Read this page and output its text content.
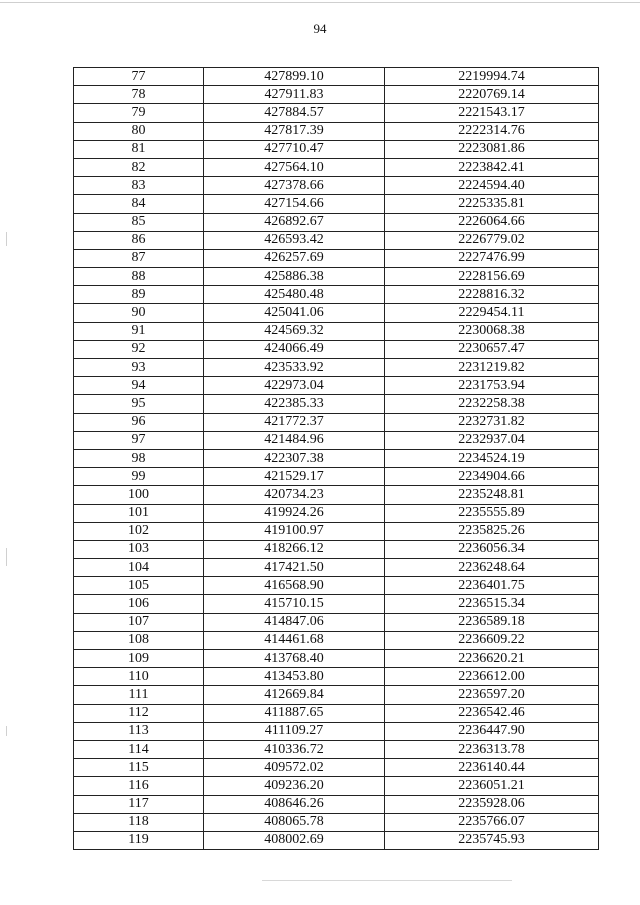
94
77	427899.10	2219994.74
78	427911.83	2220769.14
79	427884.57	2221543.17
80	427817.39	2222314.76
81	427710.47	2223081.86
82	427564.10	2223842.41
83	427378.66	2224594.40
84	427154.66	2225335.81
85	426892.67	2226064.66
86	426593.42	2226779.02
87	426257.69	2227476.99
88	425886.38	2228156.69
89	425480.48	2228816.32
90	425041.06	2229454.11
91	424569.32	2230068.38
92	424066.49	2230657.47
93	423533.92	2231219.82
94	422973.04	2231753.94
95	422385.33	2232258.38
96	421772.37	2232731.82
97	421484.96	2232937.04
98	422307.38	2234524.19
99	421529.17	2234904.66
100	420734.23	2235248.81
101	419924.26	2235555.89
102	419100.97	2235825.26
103	418266.12	2236056.34
104	417421.50	2236248.64
105	416568.90	2236401.75
106	415710.15	2236515.34
107	414847.06	2236589.18
108	414461.68	2236609.22
109	413768.40	2236620.21
110	413453.80	2236612.00
111	412669.84	2236597.20
112	411887.65	2236542.46
113	411109.27	2236447.90
114	410336.72	2236313.78
115	409572.02	2236140.44
116	409236.20	2236051.21
117	408646.26	2235928.06
118	408065.78	2235766.07
119	408002.69	2235745.93
